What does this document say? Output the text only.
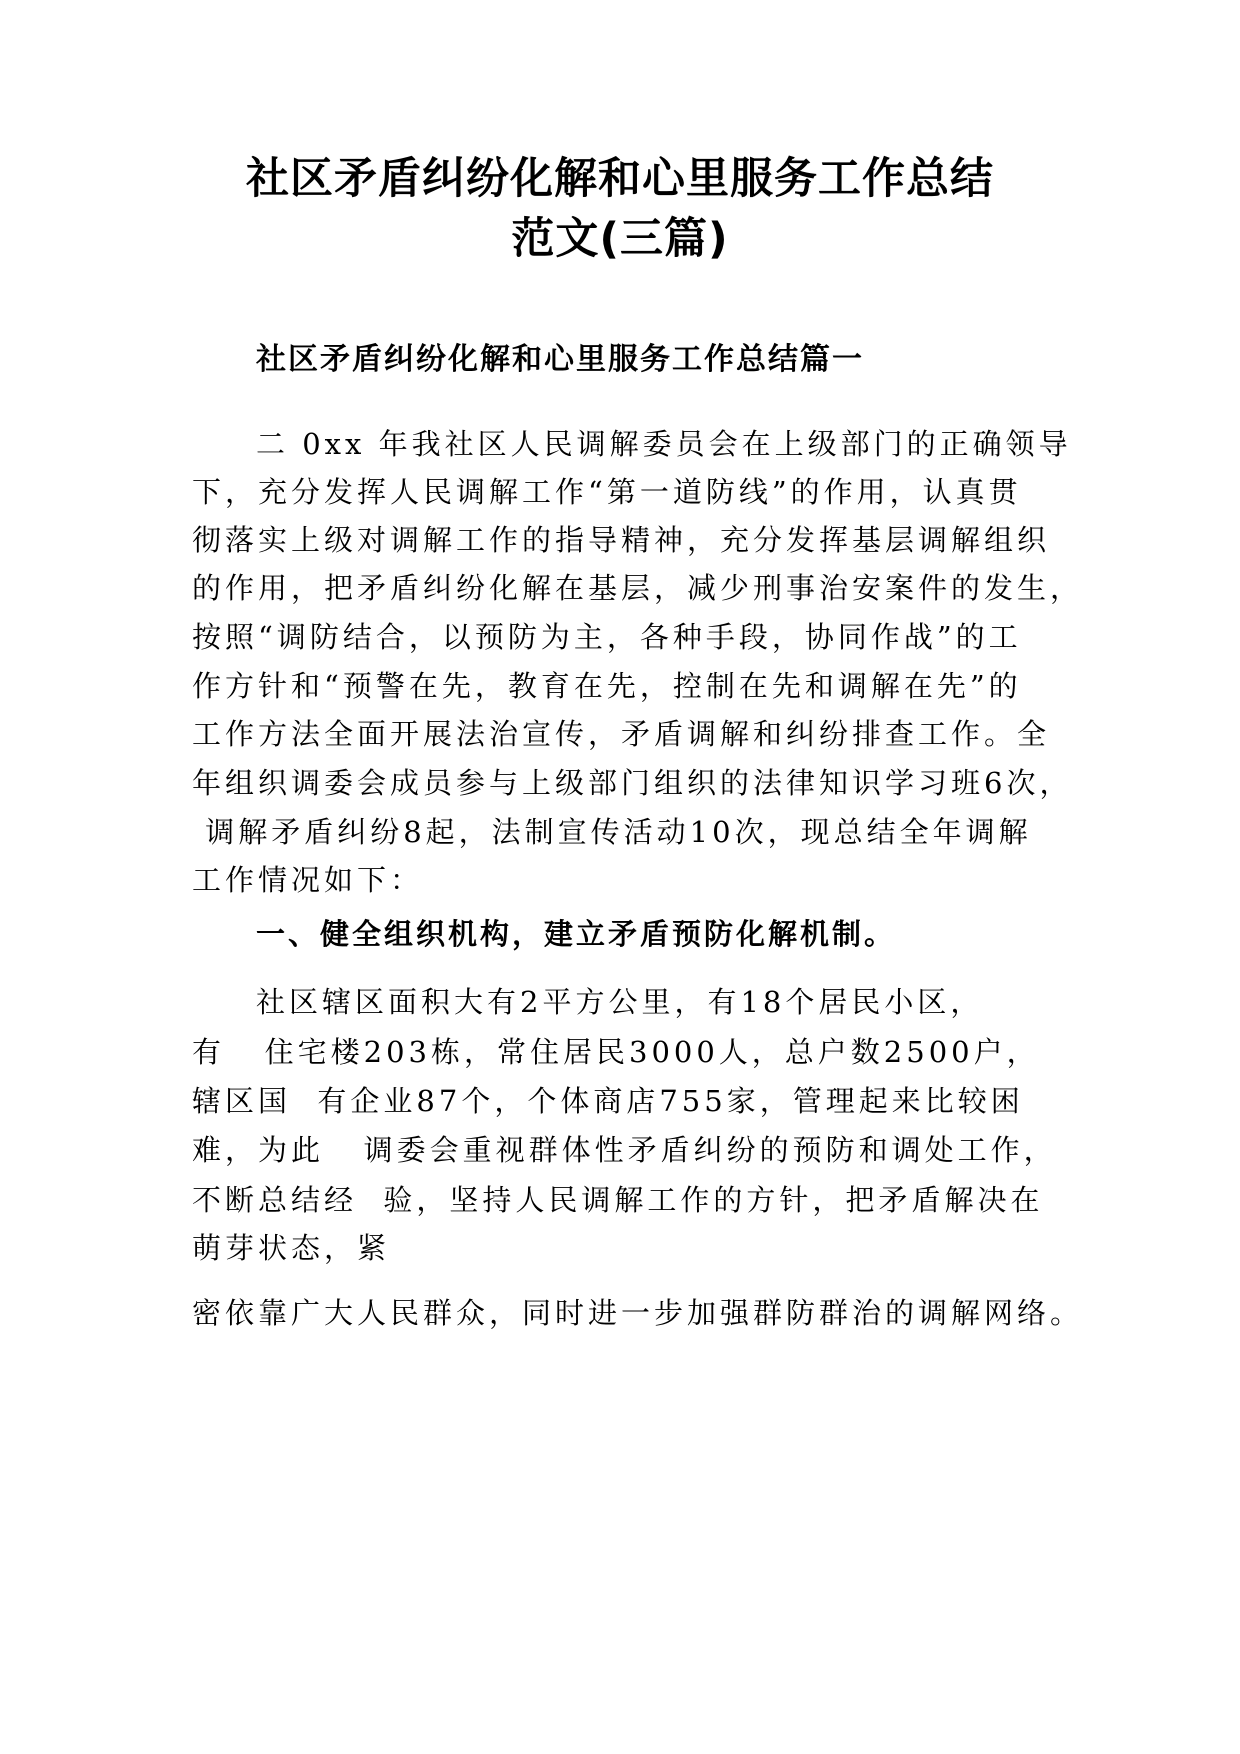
社区矛盾纠纷化解和心里服务工作总结
范文(三篇)
社区矛盾纠纷化解和心里服务工作总结篇一
二 0xx 年我社区人民调解委员会在上级部门的正确领导
下，充分发挥人民调解工作“第一道防线”的作用，认真贯
彻落实上级对调解工作的指导精神，充分发挥基层调解组织
的作用，把矛盾纠纷化解在基层，减少刑事治安案件的发生，
按照“调防结合，以预防为主，各种手段，协同作战”的工
作方针和“预警在先，教育在先，控制在先和调解在先”的
工作方法全面开展法治宣传，矛盾调解和纠纷排查工作。全
年组织调委会成员参与上级部门组织的法律知识学习班6次，
调解矛盾纠纷8起，法制宣传活动10次，现总结全年调解
工作情况如下：
一、健全组织机构，建立矛盾预防化解机制。
社区辖区面积大有2平方公里，有18个居民小区，
有   住宅楼203栋，常住居民3000人，总户数2500户，
辖区国  有企业87个，个体商店755家，管理起来比较困
难，为此   调委会重视群体性矛盾纠纷的预防和调处工作，
不断总结经  验，坚持人民调解工作的方针，把矛盾解决在
萌芽状态，紧
密依靠广大人民群众，同时进一步加强群防群治的调解网络。
